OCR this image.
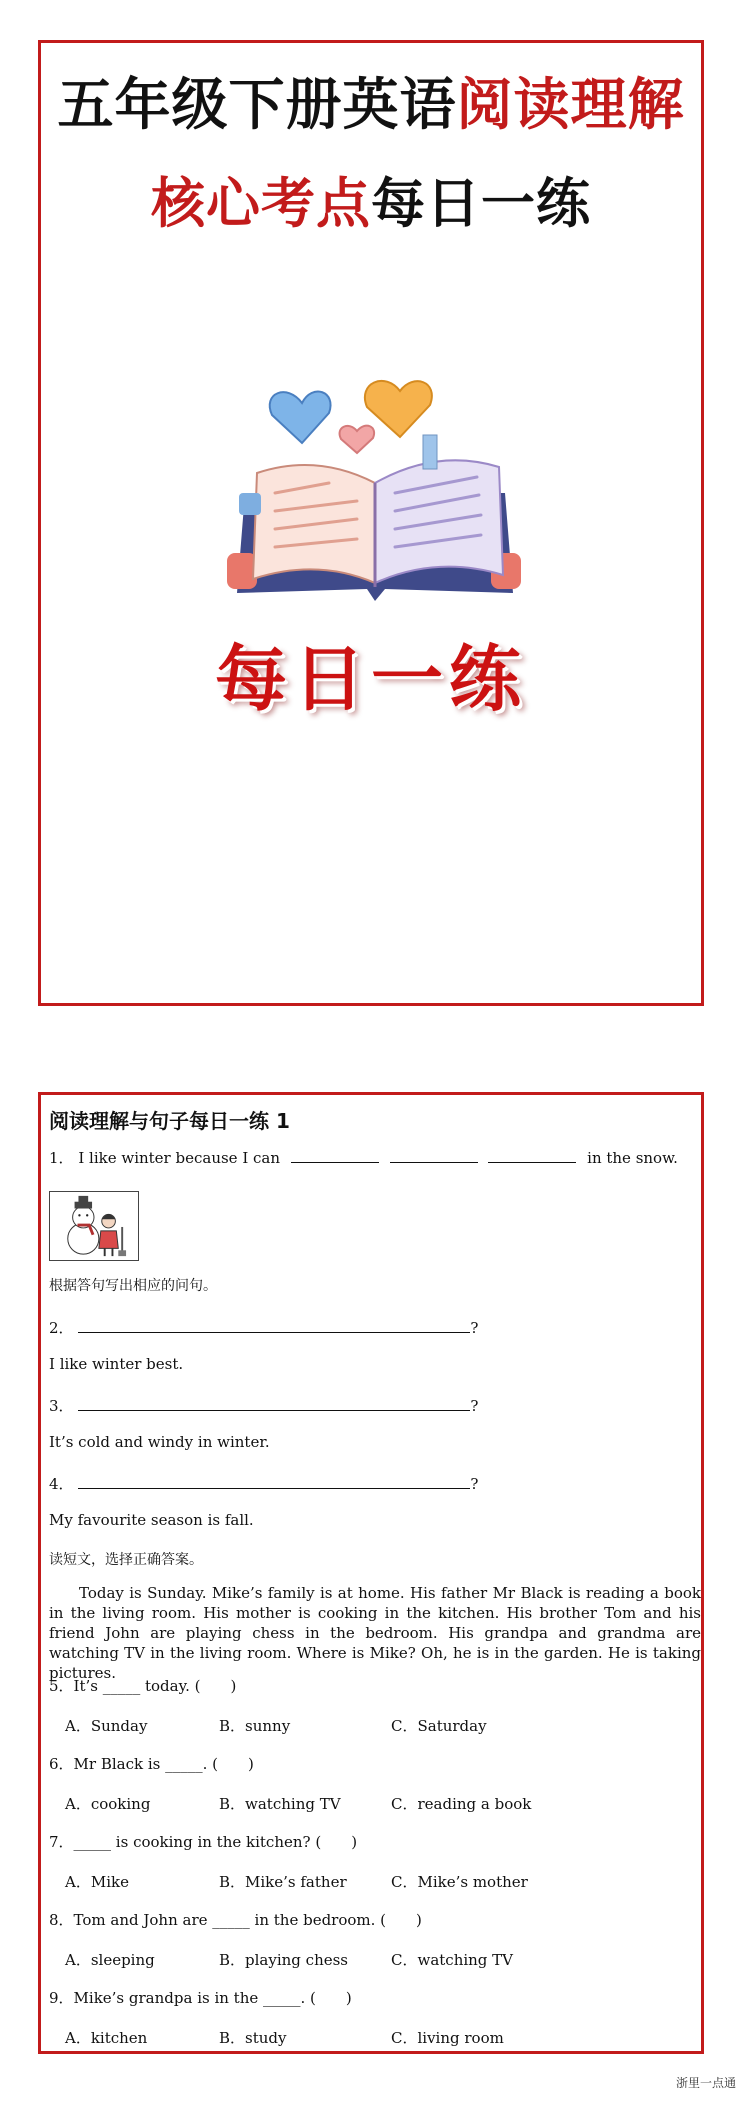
五年级下册英语阅读理解
核心考点每日一练
每日一练
阅读理解与句子每日一练 1
1． I like winter because I can	in the snow.
根据答句写出相应的问句。
2．	?
I like winter best.
3．	?
It’s cold and windy in winter.
4．	?
My favourite season is fall.
读短文，选择正确答案。
Today is Sunday. Mike’s family is at home. His father Mr Black is reading a book in the living room. His mother is cooking in the kitchen. His brother Tom and his friend John are playing chess in the bedroom. His grandpa and grandma are watching TV in the living room. Where is Mike? Oh, he is in the garden. He is taking pictures.
5．It’s _____ today. (　　)
A．Sunday	B．sunny	C．Saturday
6．Mr Black is _____. (　　)
A．cooking	B．watching TV	C．reading a book
7．_____ is cooking in the kitchen? (　　)
A．Mike	B．Mike’s father	C．Mike’s mother
8．Tom and John are _____ in the bedroom. (　　)
A．sleeping	B．playing chess	C．watching TV
9．Mike’s grandpa is in the _____. (　　)
A．kitchen	B．study	C．living room
浙里一点通
